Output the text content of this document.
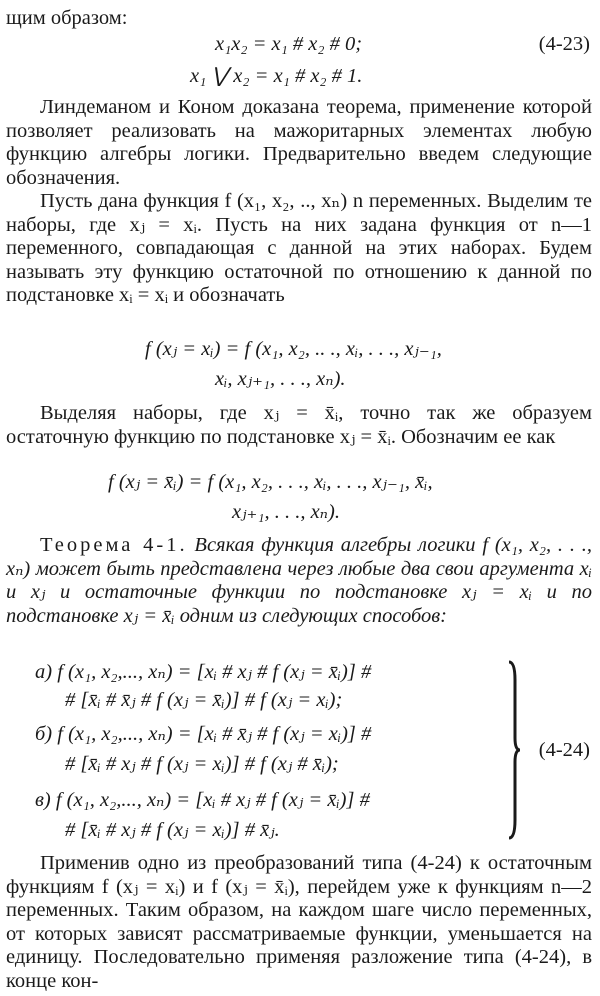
щим образом:
x₁x₂ = x₁ # x₂ # 0;	(4-23)
x₁ ⋁ x₂ = x₁ # x₂ # 1.

Линдеманом и Коном доказана теорема, применение которой позволяет реализовать на мажоритарных элементах любую функцию алгебры логики. Предварительно введем следующие обозначения.

Пусть дана функция f (x₁, x₂, .., xₙ) n переменных. Выделим те наборы, где xⱼ = xᵢ. Пусть на них задана функция от n—1 переменного, совпадающая с данной на этих наборах. Будем называть эту функцию остаточной по отношению к данной по подстановке xᵢ = xᵢ и обозначать

f (xⱼ = xᵢ) = f (x₁, x₂, .. ., xᵢ, . . ., xⱼ₋₁,
xᵢ, xⱼ₊₁, . . ., xₙ).

Выделяя наборы, где xⱼ = x̄ᵢ, точно так же образуем остаточную функцию по подстановке xⱼ = x̄ᵢ. Обозначим ее как

f (xⱼ = x̄ᵢ) = f (x₁, x₂, . . ., xᵢ, . . ., xⱼ₋₁, x̄ᵢ,
xⱼ₊₁, . . ., xₙ).

Теорема 4-1. Всякая функция алгебры логики f (x₁, x₂, . . ., xₙ) может быть представлена через любые два свои аргумента xᵢ и xⱼ и остаточные функции по подстановке xⱼ = xᵢ и по подстановке xⱼ = x̄ᵢ одним из следующих способов:

а) f (x₁, x₂,..., xₙ) = [xᵢ # xⱼ # f (xⱼ = x̄ᵢ)] #
# [x̄ᵢ # x̄ⱼ # f (xⱼ = x̄ᵢ)] # f (xⱼ = xᵢ);
б) f (x₁, x₂,..., xₙ) = [xᵢ # x̄ⱼ # f (xⱼ = xᵢ)] #
# [x̄ᵢ # xⱼ # f (xⱼ = xᵢ)] # f (xⱼ # x̄ᵢ);
в) f (x₁, x₂,..., xₙ) = [xᵢ # xⱼ # f (xⱼ = x̄ᵢ)] #
# [x̄ᵢ # xⱼ # f (xⱼ = xᵢ)] # x̄ⱼ.
(4-24)

Применив одно из преобразований типа (4-24) к остаточным функциям f (xⱼ = xᵢ) и f (xⱼ = x̄ᵢ), перейдем уже к функциям n—2 переменных. Таким образом, на каждом шаге число переменных, от которых зависят рассматриваемые функции, уменьшается на единицу. Последовательно применяя разложение типа (4-24), в конце кон-
